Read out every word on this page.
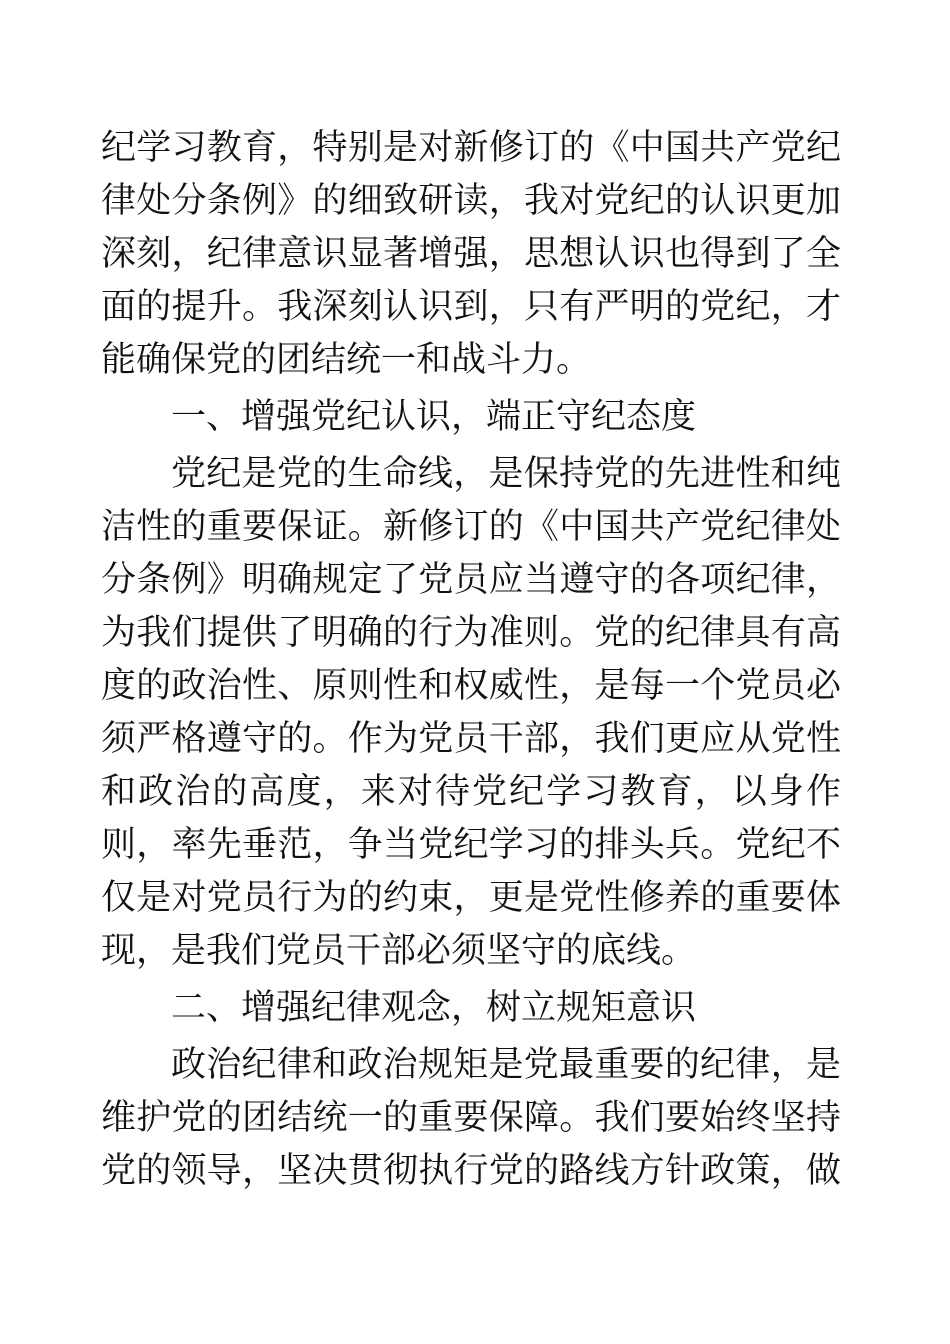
纪学习教育，特别是对新修订的《中国共产党纪
律处分条例》的细致研读，我对党纪的认识更加
深刻，纪律意识显著增强，思想认识也得到了全
面的提升。我深刻认识到，只有严明的党纪，才
能确保党的团结统一和战斗力。
一、增强党纪认识，端正守纪态度
党纪是党的生命线，是保持党的先进性和纯
洁性的重要保证。新修订的《中国共产党纪律处
分条例》明确规定了党员应当遵守的各项纪律，
为我们提供了明确的行为准则。党的纪律具有高
度的政治性、原则性和权威性，是每一个党员必
须严格遵守的。作为党员干部，我们更应从党性
和政治的高度，来对待党纪学习教育，以身作
则，率先垂范，争当党纪学习的排头兵。党纪不
仅是对党员行为的约束，更是党性修养的重要体
现，是我们党员干部必须坚守的底线。
二、增强纪律观念，树立规矩意识
政治纪律和政治规矩是党最重要的纪律，是
维护党的团结统一的重要保障。我们要始终坚持
党的领导，坚决贯彻执行党的路线方针政策，做
